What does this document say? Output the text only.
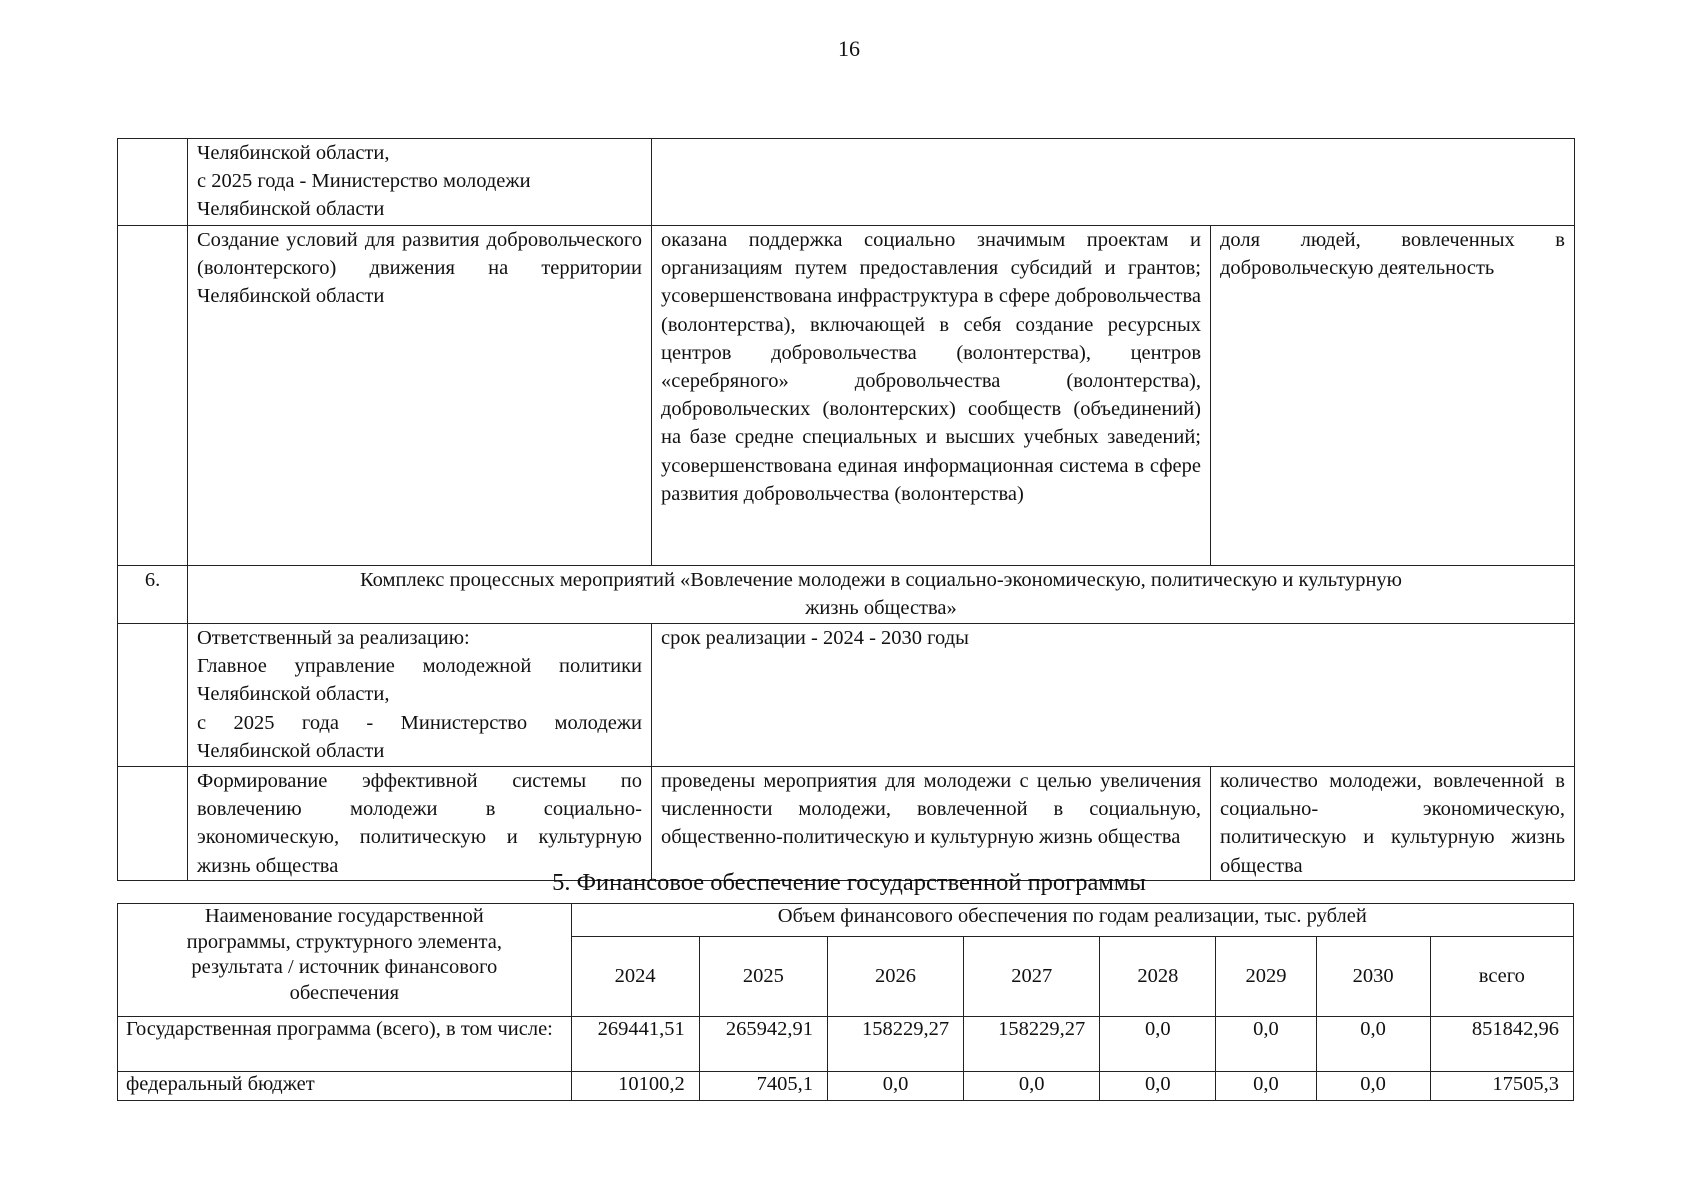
16
	Челябинской области,
с 2025 года - Министерство молодежи
Челябинской области		
	Создание условий для развития добровольческого (волонтерского) движения на территории Челябинской области	оказана поддержка социально значимым проектам и организациям путем предоставления субсидий и грантов; усовершенствована инфраструктура в сфере добровольчества (волонтерства), включающей в себя создание ресурсных центров добровольчества (волонтерства), центров «серебряного» добровольчества (волонтерства), добровольческих (волонтерских) сообществ (объединений) на базе средне специальных и высших учебных заведений; усовершенствована единая информационная система в сфере развития добровольчества (волонтерства)	доля людей, вовлеченных в добровольческую деятельность
6.	Комплекс процессных мероприятий «Вовлечение молодежи в социально-экономическую, политическую и культурную
жизнь общества»		
	Ответственный за реализацию:
Главное управление молодежной политики Челябинской области,
с 2025 года - Министерство молодежи Челябинской области	срок реализации - 2024 - 2030 годы	
	Формирование эффективной системы по вовлечению молодежи в социально- экономическую, политическую и культурную жизнь общества	проведены мероприятия для молодежи с целью увеличения численности молодежи, вовлеченной в социальную, общественно-политическую и культурную жизнь общества	количество молодежи, вовлеченной в социально- экономическую, политическую и культурную жизнь общества
5. Финансовое обеспечение государственной программы
Наименование государственной
программы, структурного элемента,
результата / источник финансового
обеспечения	Объем финансового обеспечения по годам реализации, тыс. рублей							
	2024	2025	2026	2027	2028	2029	2030	всего
Государственная программа (всего), в том числе:	269441,51	265942,91	158229,27	158229,27	0,0	0,0	0,0	851842,96
федеральный бюджет	10100,2	7405,1	0,0	0,0	0,0	0,0	0,0	17505,3
